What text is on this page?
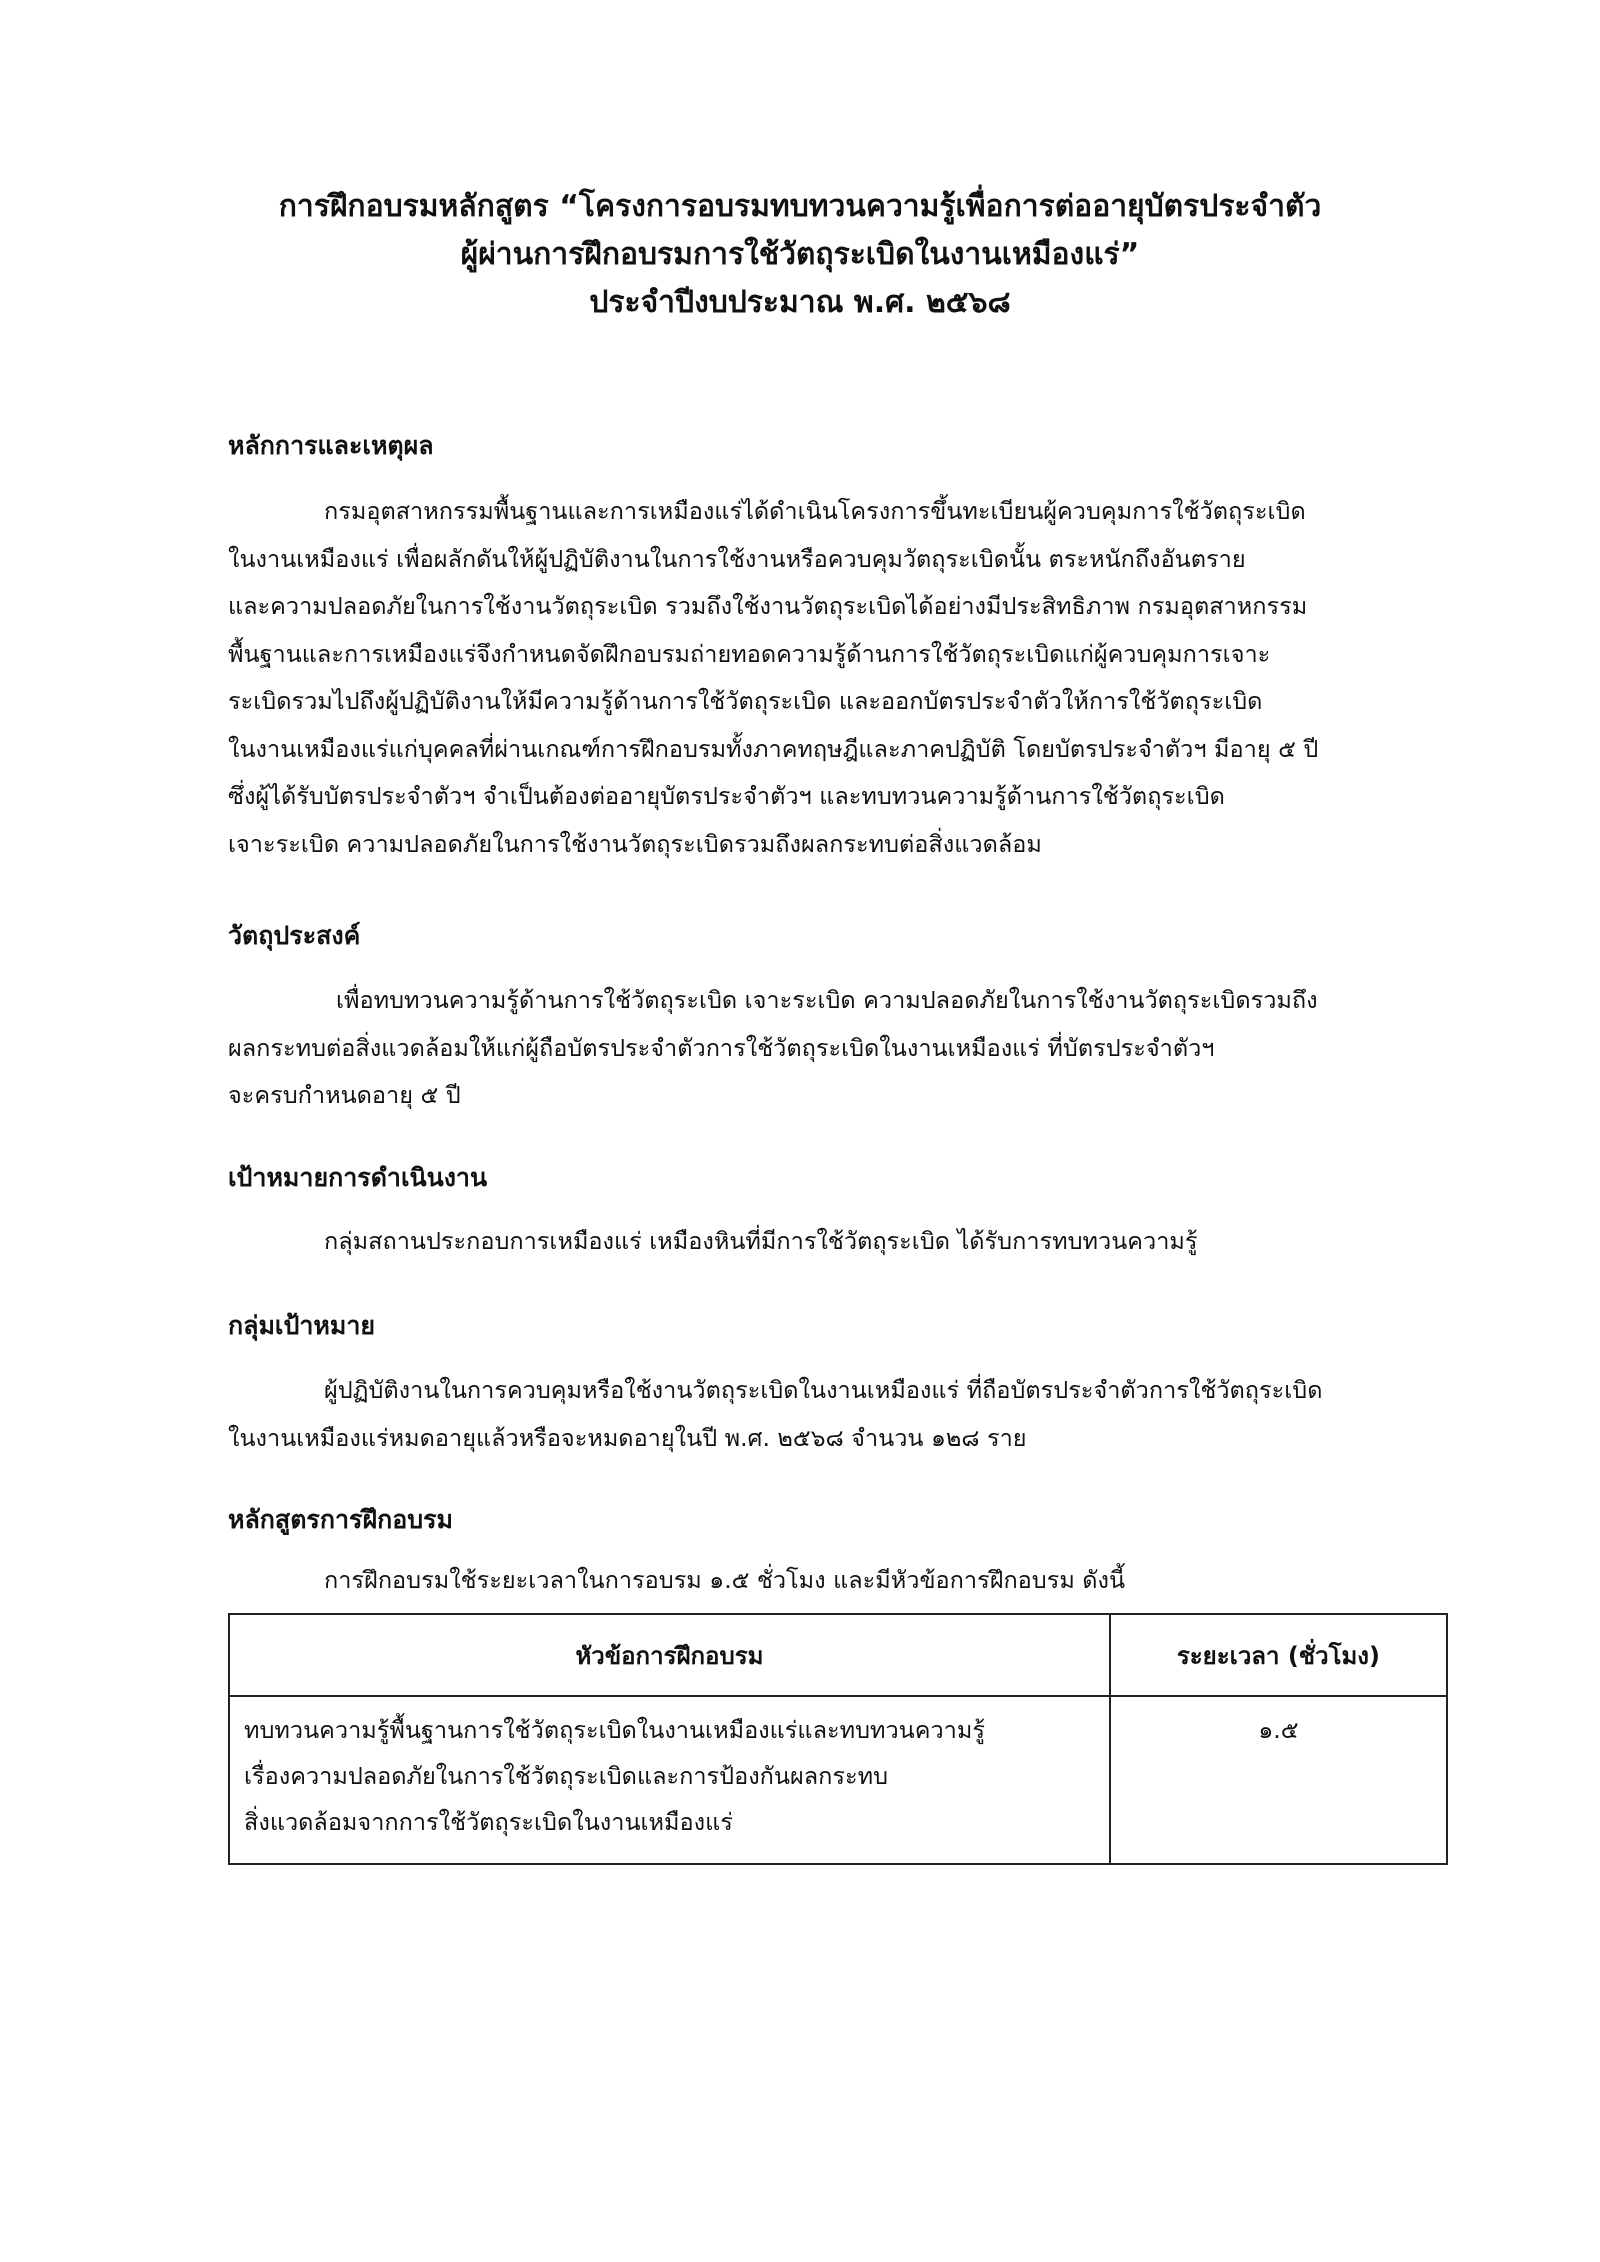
การฝึกอบรมหลักสูตร “โครงการอบรมทบทวนความรู้เพื่อการต่ออายุบัตรประจำตัว
ผู้ผ่านการฝึกอบรมการใช้วัตถุระเบิดในงานเหมืองแร่”
ประจำปีงบประมาณ พ.ศ. ๒๕๖๘
หลักการและเหตุผล
กรมอุตสาหกรรมพื้นฐานและการเหมืองแร่ได้ดำเนินโครงการขึ้นทะเบียนผู้ควบคุมการใช้วัตถุระเบิด
ในงานเหมืองแร่ เพื่อผลักดันให้ผู้ปฏิบัติงานในการใช้งานหรือควบคุมวัตถุระเบิดนั้น ตระหนักถึงอันตราย
และความปลอดภัยในการใช้งานวัตถุระเบิด รวมถึงใช้งานวัตถุระเบิดได้อย่างมีประสิทธิภาพ กรมอุตสาหกรรม
พื้นฐานและการเหมืองแร่จึงกำหนดจัดฝึกอบรมถ่ายทอดความรู้ด้านการใช้วัตถุระเบิดแก่ผู้ควบคุมการเจาะ
ระเบิดรวมไปถึงผู้ปฏิบัติงานให้มีความรู้ด้านการใช้วัตถุระเบิด และออกบัตรประจำตัวให้การใช้วัตถุระเบิด
ในงานเหมืองแร่แก่บุคคลที่ผ่านเกณฑ์การฝึกอบรมทั้งภาคทฤษฎีและภาคปฏิบัติ โดยบัตรประจำตัวฯ มีอายุ ๕ ปี
ซึ่งผู้ได้รับบัตรประจำตัวฯ จำเป็นต้องต่ออายุบัตรประจำตัวฯ และทบทวนความรู้ด้านการใช้วัตถุระเบิด
เจาะระเบิด ความปลอดภัยในการใช้งานวัตถุระเบิดรวมถึงผลกระทบต่อสิ่งแวดล้อม
วัตถุประสงค์
เพื่อทบทวนความรู้ด้านการใช้วัตถุระเบิด เจาะระเบิด ความปลอดภัยในการใช้งานวัตถุระเบิดรวมถึง
ผลกระทบต่อสิ่งแวดล้อมให้แก่ผู้ถือบัตรประจำตัวการใช้วัตถุระเบิดในงานเหมืองแร่ ที่บัตรประจำตัวฯ
จะครบกำหนดอายุ ๕ ปี
เป้าหมายการดำเนินงาน
กลุ่มสถานประกอบการเหมืองแร่ เหมืองหินที่มีการใช้วัตถุระเบิด ได้รับการทบทวนความรู้
กลุ่มเป้าหมาย
ผู้ปฏิบัติงานในการควบคุมหรือใช้งานวัตถุระเบิดในงานเหมืองแร่ ที่ถือบัตรประจำตัวการใช้วัตถุระเบิด
ในงานเหมืองแร่หมดอายุแล้วหรือจะหมดอายุในปี พ.ศ. ๒๕๖๘ จำนวน ๑๒๘ ราย
หลักสูตรการฝึกอบรม
การฝึกอบรมใช้ระยะเวลาในการอบรม ๑.๕ ชั่วโมง และมีหัวข้อการฝึกอบรม ดังนี้
หัวข้อการฝึกอบรม	ระยะเวลา (ชั่วโมง)

ทบทวนความรู้พื้นฐานการใช้วัตถุระเบิดในงานเหมืองแร่และทบทวนความรู้
เรื่องความปลอดภัยในการใช้วัตถุระเบิดและการป้องกันผลกระทบ
สิ่งแวดล้อมจากการใช้วัตถุระเบิดในงานเหมืองแร่	๑.๕
